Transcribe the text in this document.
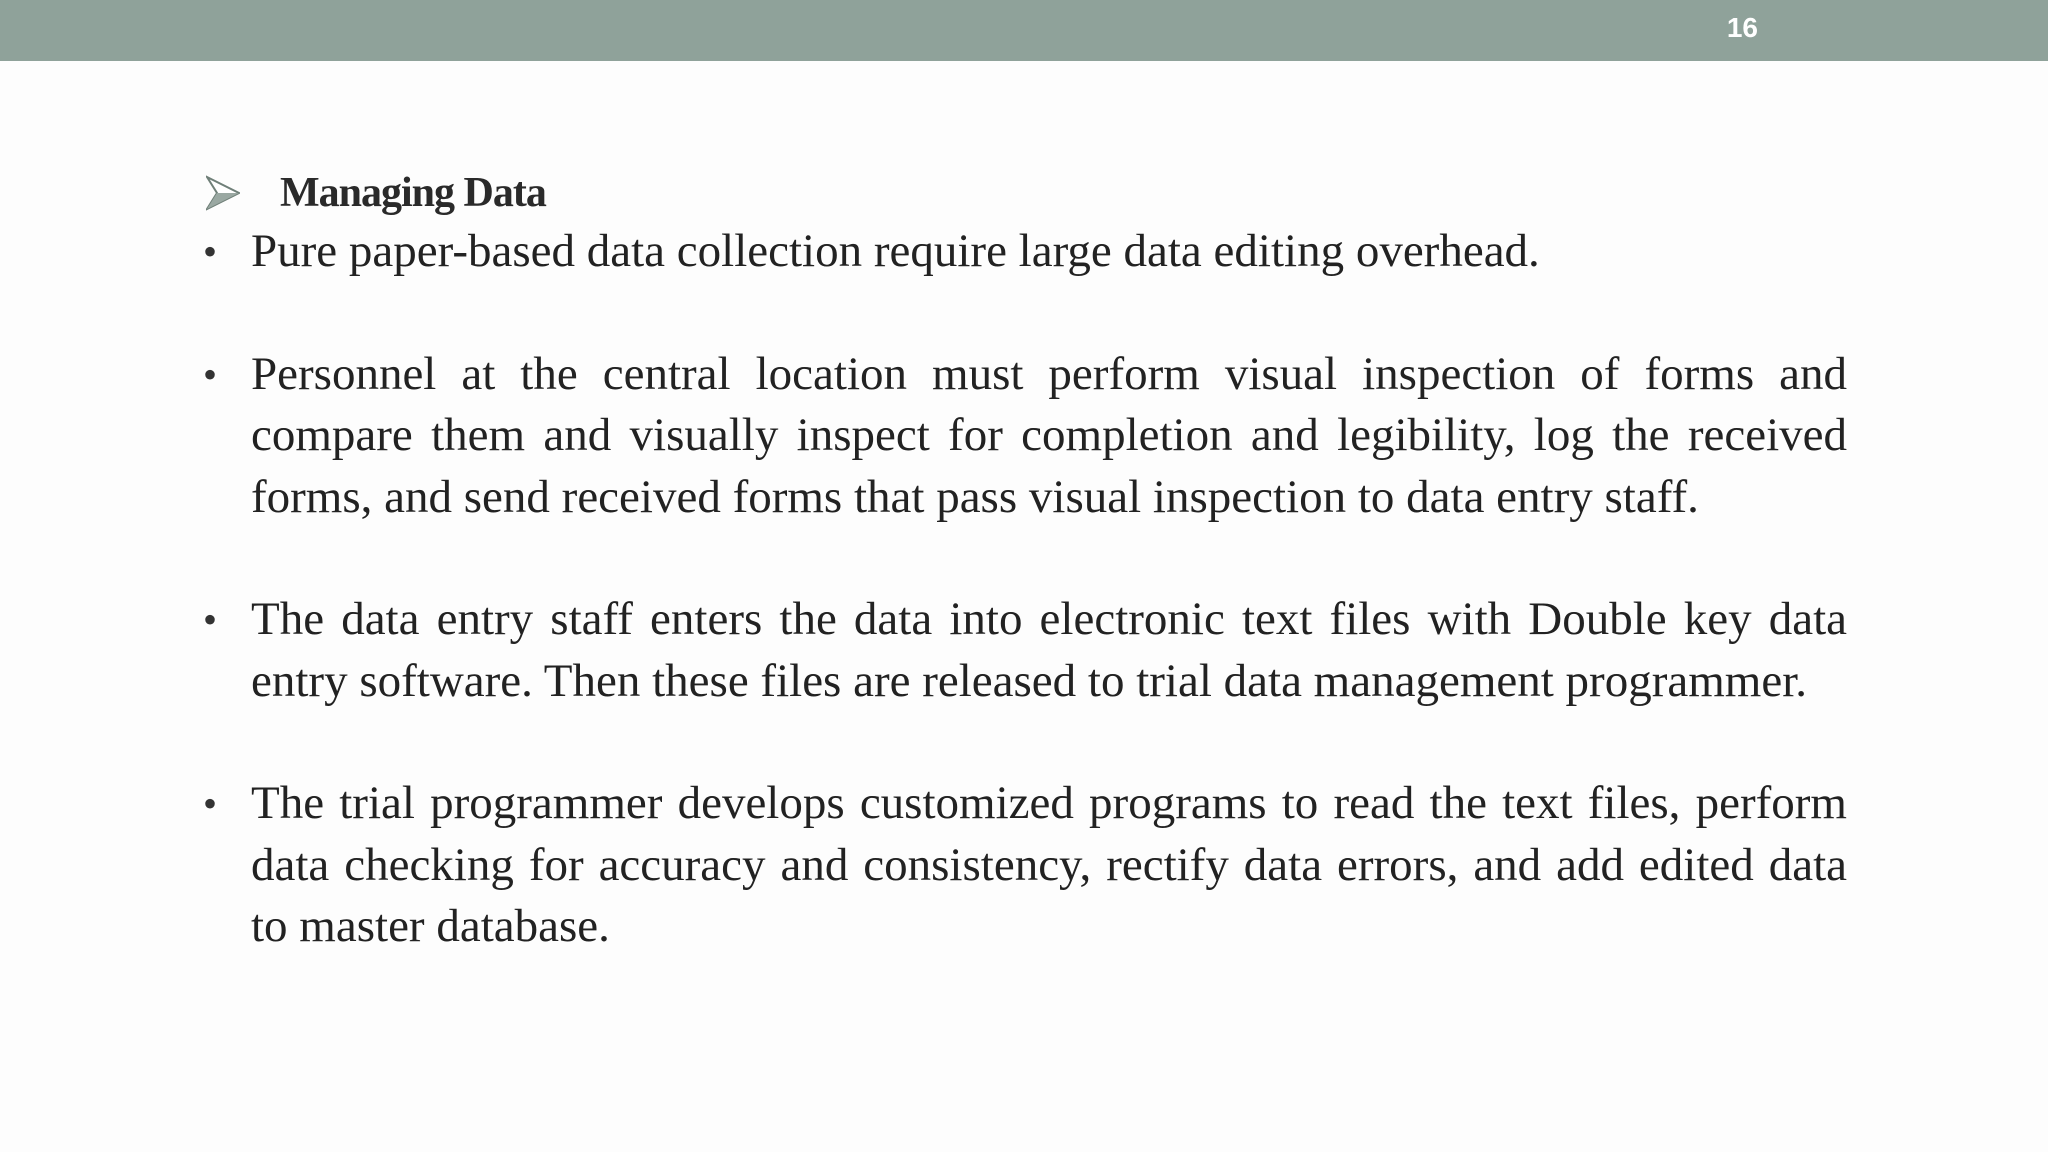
16
Managing Data
• Pure paper-based data collection require large data editing overhead.
• Personnel at the central location must perform visual inspection of forms and compare them and visually inspect for completion and legibility, log the received forms, and send received forms that pass visual inspection to data entry staff.
• The data entry staff enters the data into electronic text files with Double key data entry software. Then these files are released to trial data management programmer.
• The trial programmer develops customized programs to read the text files, perform data checking for accuracy and consistency, rectify data errors, and add edited data to master database.
